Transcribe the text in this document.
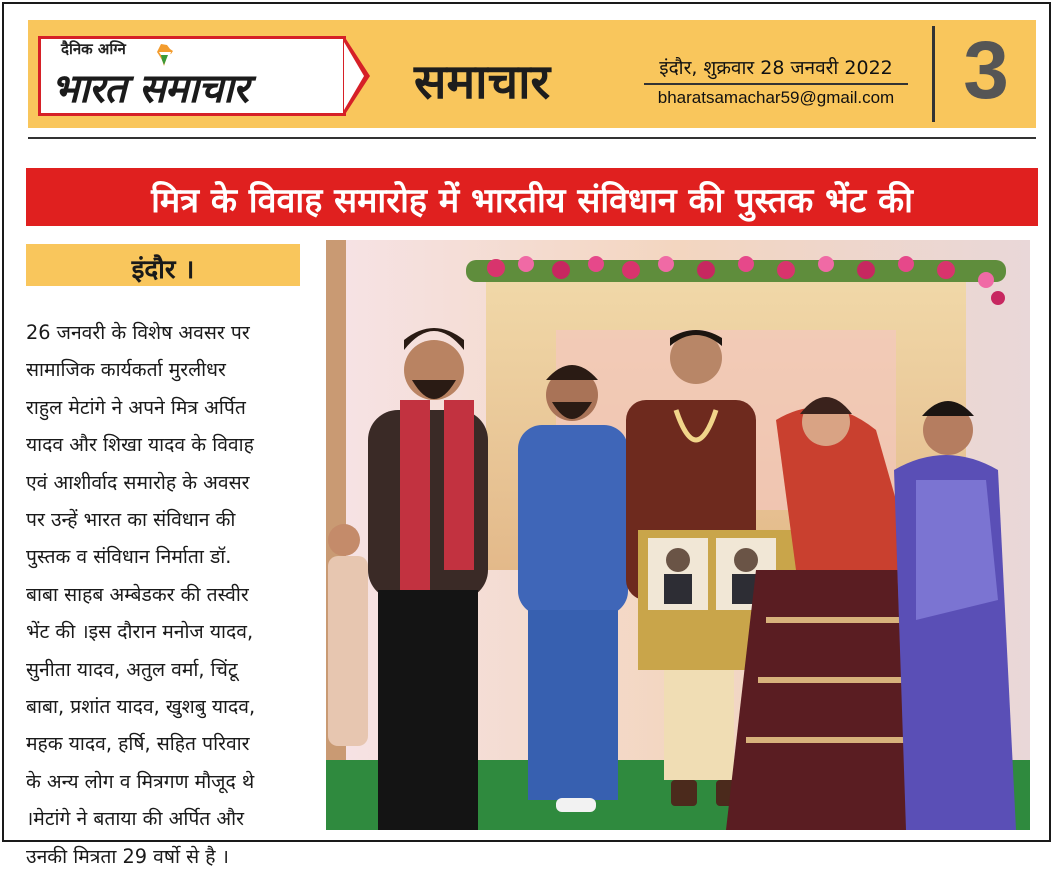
दैनिक अग्नि
भारत समाचार	समाचार	इंदौर, शुक्रवार 28 जनवरी 2022
bharatsamachar59@gmail.com 3
मित्र के विवाह समारोह में भारतीय संविधान की पुस्तक भेंट की
इंदौर ।
26 जनवरी के विशेष अवसर पर
सामाजिक कार्यकर्ता मुरलीधर
राहुल मेटांगे ने अपने मित्र अर्पित
यादव और शिखा यादव के विवाह
एवं आशीर्वाद समारोह के अवसर
पर उन्हें भारत का संविधान की
पुस्तक व संविधान निर्माता डॉ.
बाबा साहब अम्बेडकर की तस्वीर
भेंट की ।इस दौरान मनोज यादव,
सुनीता यादव, अतुल वर्मा, चिंटू
बाबा, प्रशांत यादव, खुशबु यादव,
महक यादव, हर्षि, सहित परिवार
के अन्य लोग व मित्रगण मौजूद थे
।मेटांगे ने बताया की अर्पित और
उनकी मित्रता 29 वर्षो से है ।
